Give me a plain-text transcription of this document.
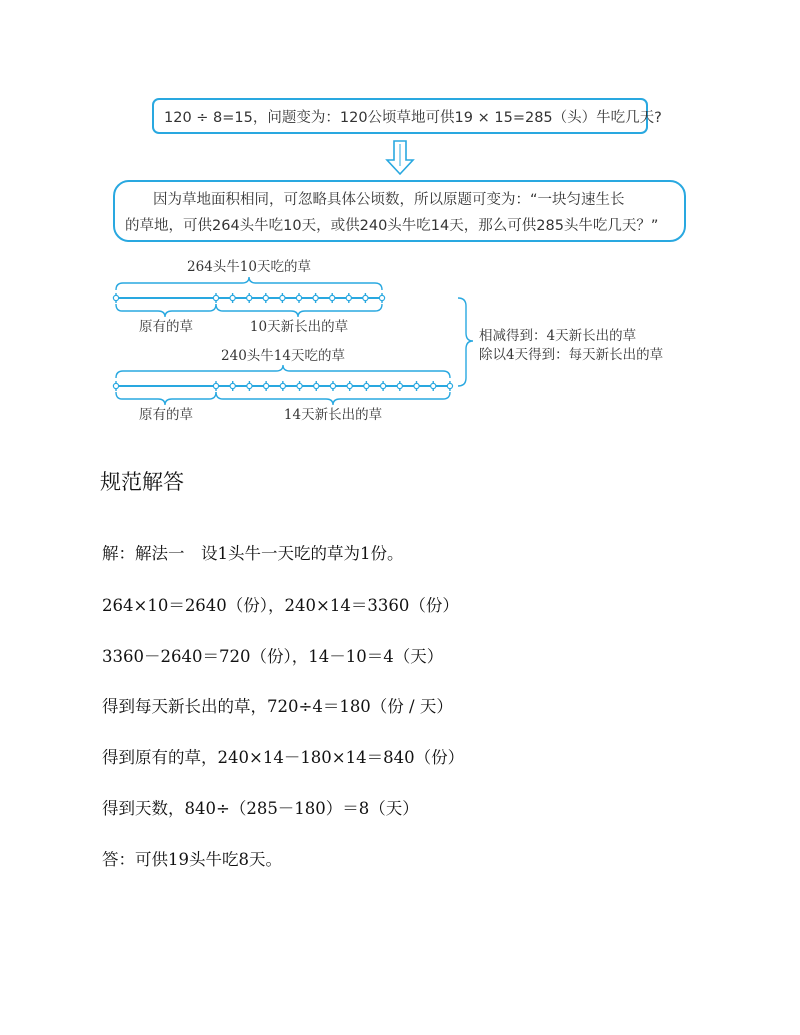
120 ÷ 8=15，问题变为：120公顷草地可供19 × 15=285（头）牛吃几天?
264头牛10天吃的草
原有的草	10天新长出的草
240头牛14天吃的草
原有的草	14天新长出的草
相减得到：4天新长出的草
除以4天得到：每天新长出的草
因为草地面积相同，可忽略具体公顷数，所以原题可变为：“一块匀速生长
的草地，可供264头牛吃10天，或供240头牛吃14天，那么可供285头牛吃几天？”
规范解答

解：解法一　设1头牛一天吃的草为1份。

264×10＝2640（份），240×14＝3360（份）

3360－2640＝720（份），14－10＝4（天）

得到每天新长出的草，720÷4＝180（份 / 天）

得到原有的草，240×14－180×14＝840（份）

得到天数，840÷（285－180）＝8（天）

答：可供19头牛吃8天。
